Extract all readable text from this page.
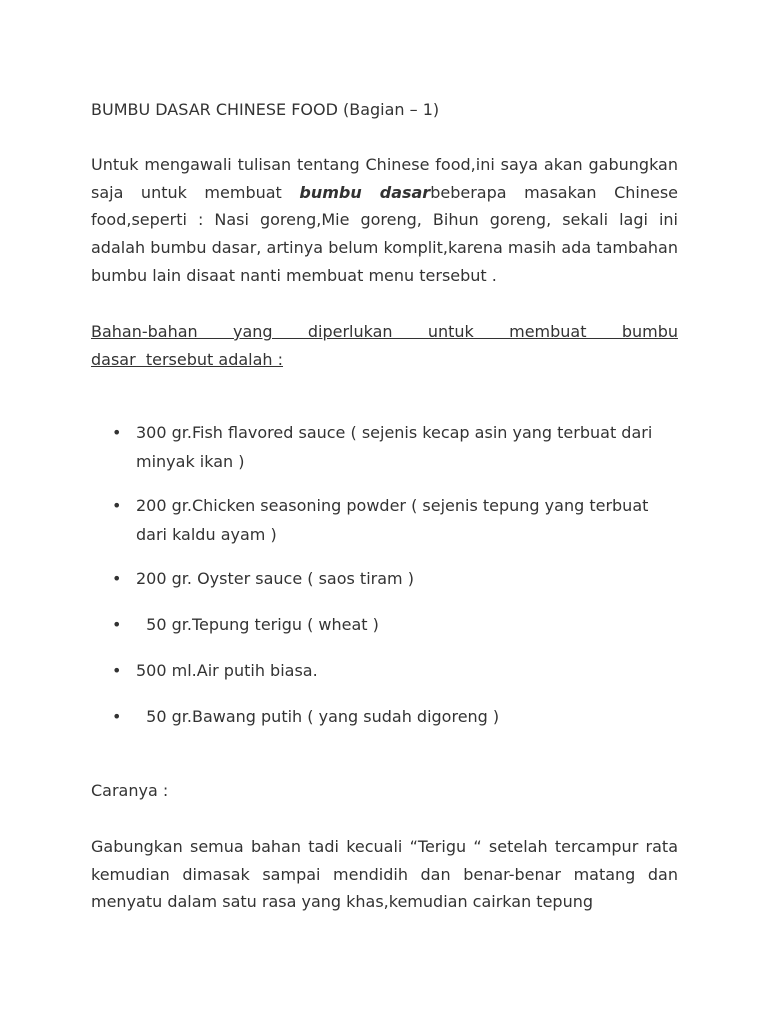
BUMBU DASAR CHINESE FOOD (Bagian – 1)

Untuk mengawali tulisan tentang Chinese food,ini saya akan gabungkan saja untuk membuat bumbu dasarbeberapa masakan Chinese food,seperti : Nasi goreng,Mie goreng, Bihun goreng, sekali lagi ini adalah bumbu dasar, artinya belum komplit,karena masih ada tambahan bumbu lain disaat nanti membuat menu tersebut .

Bahan-bahan yang diperlukan untuk membuat bumbu
dasar  tersebut adalah :

• 300 gr.Fish flavored sauce ( sejenis kecap asin yang terbuat dari minyak ikan )
• 200 gr.Chicken seasoning powder ( sejenis tepung yang terbuat dari kaldu ayam )
• 200 gr. Oyster sauce ( saos tiram )
• 50 gr.Tepung terigu ( wheat )
• 500 ml.Air putih biasa.
• 50 gr.Bawang putih ( yang sudah digoreng )
Caranya :

Gabungkan semua bahan tadi kecuali “Terigu “ setelah tercampur rata kemudian dimasak sampai mendidih dan benar-benar matang dan menyatu dalam satu rasa yang khas,kemudian cairkan tepung
